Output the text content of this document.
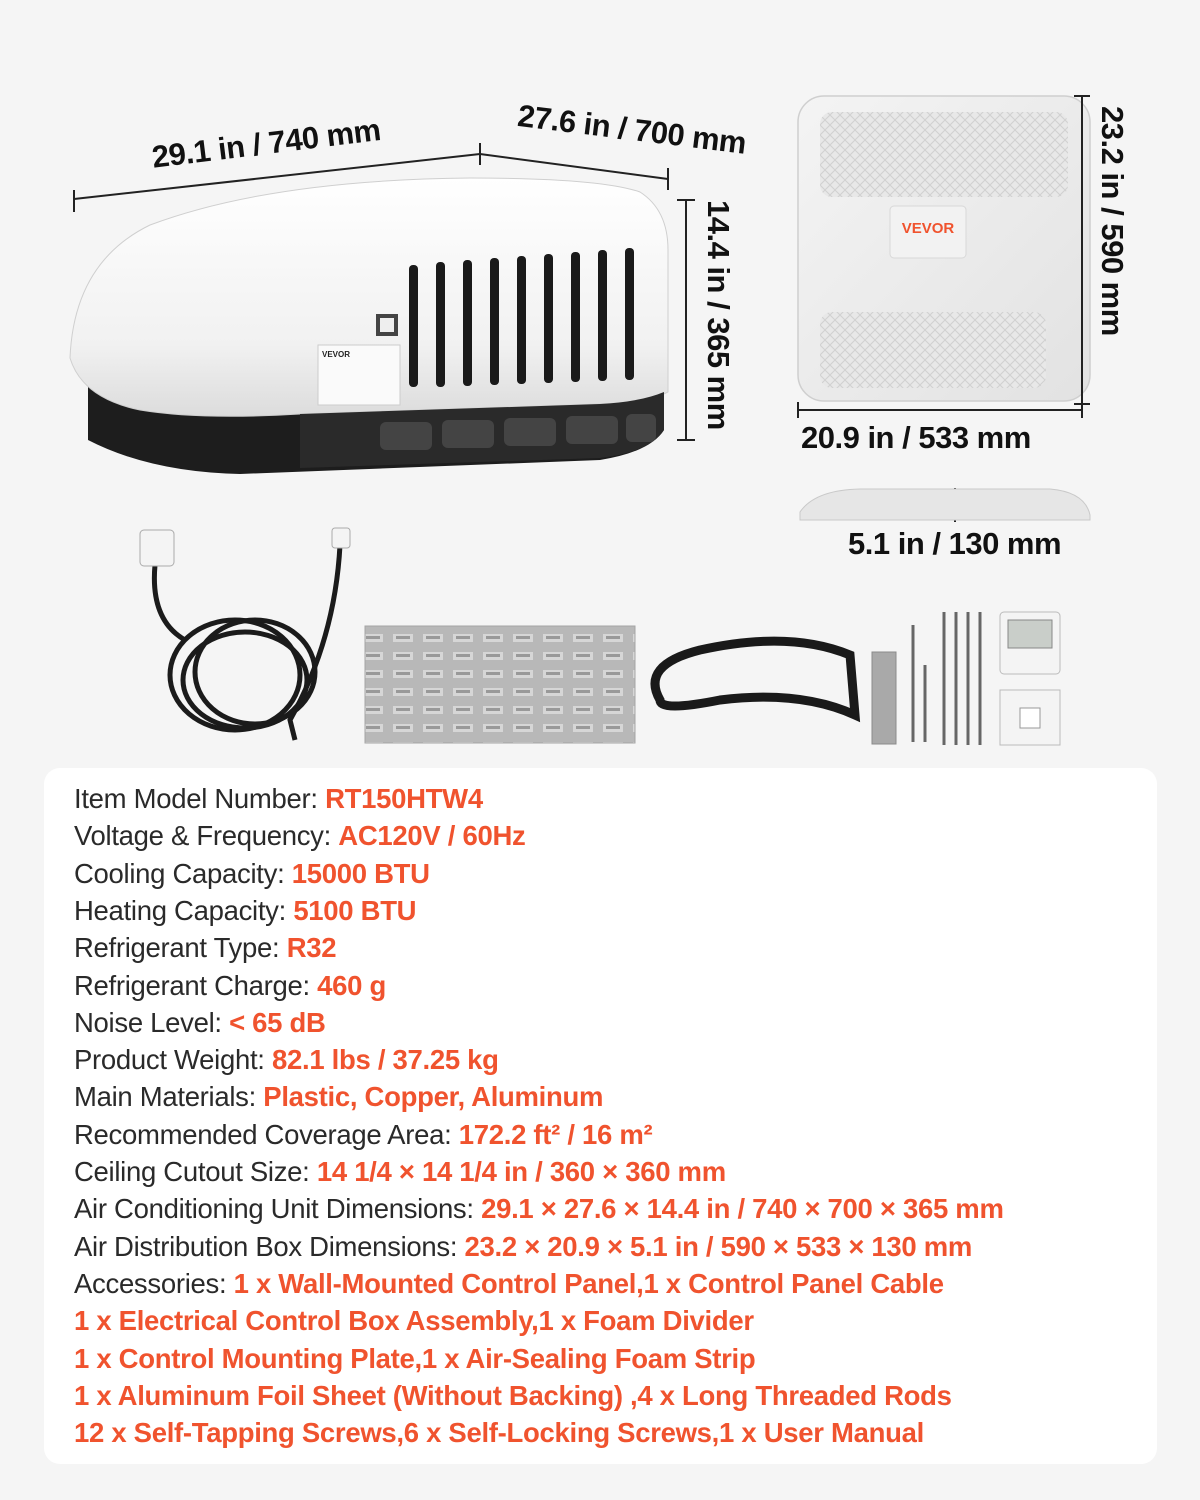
VEVOR
VEVOR
29.1 in / 740 mm	27.6 in / 700 mm
14.4 in / 365 mm	23.2 in / 590 mm
20.9 in / 533 mm
5.1 in / 130 mm
Item Model Number: RT150HTW4
Voltage & Frequency: AC120V / 60Hz
Cooling Capacity: 15000 BTU
Heating Capacity: 5100 BTU
Refrigerant Type: R32
Refrigerant Charge: 460 g
Noise Level: < 65 dB
Product Weight: 82.1 lbs / 37.25 kg
Main Materials: Plastic, Copper, Aluminum
Recommended Coverage Area: 172.2 ft² / 16 m²
Ceiling Cutout Size: 14 1/4 × 14 1/4 in / 360 × 360 mm
Air Conditioning Unit Dimensions: 29.1 × 27.6 × 14.4 in / 740 × 700 × 365 mm
Air Distribution Box Dimensions: 23.2 × 20.9 × 5.1 in / 590 × 533 × 130 mm
Accessories: 1 x Wall-Mounted Control Panel,1 x Control Panel Cable
1 x Electrical Control Box Assembly,1 x Foam Divider
1 x Control Mounting Plate,1 x Air-Sealing Foam Strip
1 x Aluminum Foil Sheet (Without Backing) ,4 x Long Threaded Rods
12 x Self-Tapping Screws,6 x Self-Locking Screws,1 x User Manual
